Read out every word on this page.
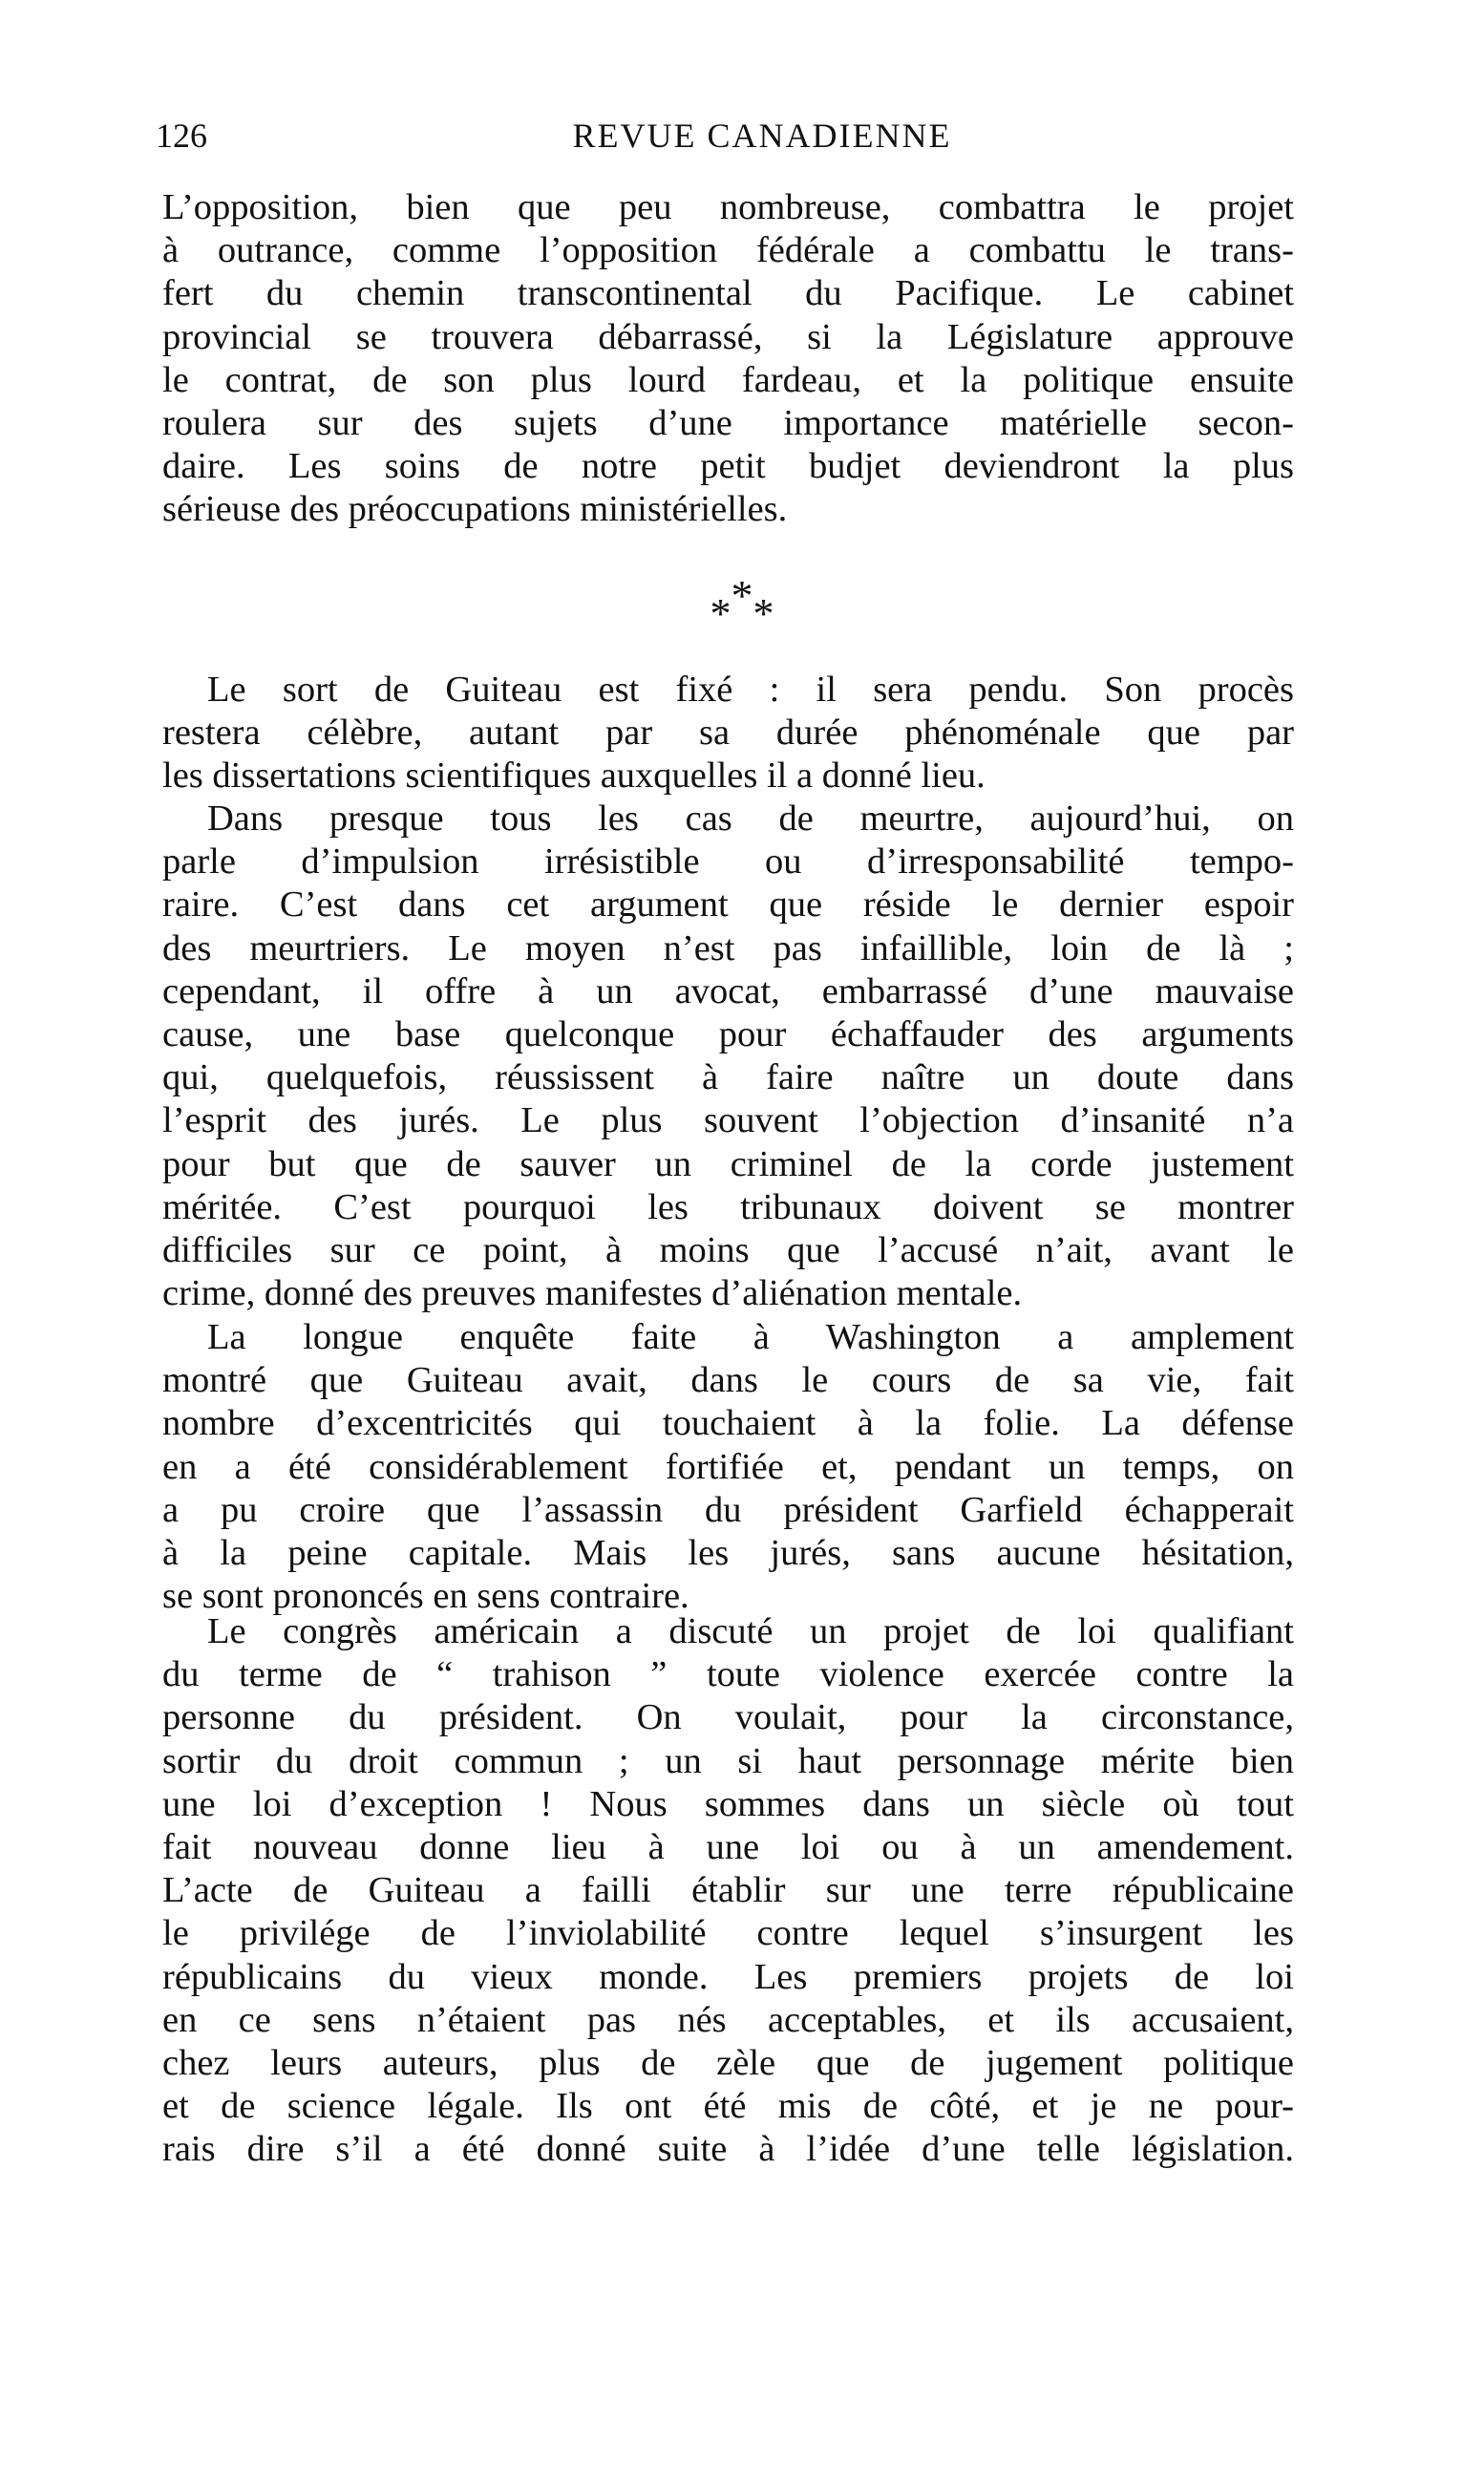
126	REVUE CANADIENNE

L’opposition, bien que peu nombreuse, combattra le projet
à outrance, comme l’opposition fédérale a combattu le trans-
fert du chemin transcontinental du Pacifique. Le cabinet
provincial se trouvera débarrassé, si la Législature approuve
le contrat, de son plus lourd fardeau, et la politique ensuite
roulera sur des sujets d’une importance matérielle secon-
daire. Les soins de notre petit budjet deviendront la plus
sérieuse des préoccupations ministérielles.

***

Le sort de Guiteau est fixé : il sera pendu. Son procès
restera célèbre, autant par sa durée phénoménale que par
les dissertations scientifiques auxquelles il a donné lieu.

Dans presque tous les cas de meurtre, aujourd’hui, on
parle d’impulsion irrésistible ou d’irresponsabilité tempo-
raire. C’est dans cet argument que réside le dernier espoir
des meurtriers. Le moyen n’est pas infaillible, loin de là ;
cependant, il offre à un avocat, embarrassé d’une mauvaise
cause, une base quelconque pour échaffauder des arguments
qui, quelquefois, réussissent à faire naître un doute dans
l’esprit des jurés. Le plus souvent l’objection d’insanité n’a
pour but que de sauver un criminel de la corde justement
méritée. C’est pourquoi les tribunaux doivent se montrer
difficiles sur ce point, à moins que l’accusé n’ait, avant le
crime, donné des preuves manifestes d’aliénation mentale.

La longue enquête faite à Washington a amplement
montré que Guiteau avait, dans le cours de sa vie, fait
nombre d’excentricités qui touchaient à la folie. La défense
en a été considérablement fortifiée et, pendant un temps, on
a pu croire que l’assassin du président Garfield échapperait
à la peine capitale. Mais les jurés, sans aucune hésitation,
se sont prononcés en sens contraire.

Le congrès américain a discuté un projet de loi qualifiant
du terme de “ trahison ” toute violence exercée contre la
personne du président. On voulait, pour la circonstance,
sortir du droit commun ; un si haut personnage mérite bien
une loi d’exception ! Nous sommes dans un siècle où tout
fait nouveau donne lieu à une loi ou à un amendement.
L’acte de Guiteau a failli établir sur une terre républicaine
le privilége de l’inviolabilité contre lequel s’insurgent les
républicains du vieux monde. Les premiers projets de loi
en ce sens n’étaient pas nés acceptables, et ils accusaient,
chez leurs auteurs, plus de zèle que de jugement politique
et de science légale. Ils ont été mis de côté, et je ne pour-
rais dire s’il a été donné suite à l’idée d’une telle législation.
